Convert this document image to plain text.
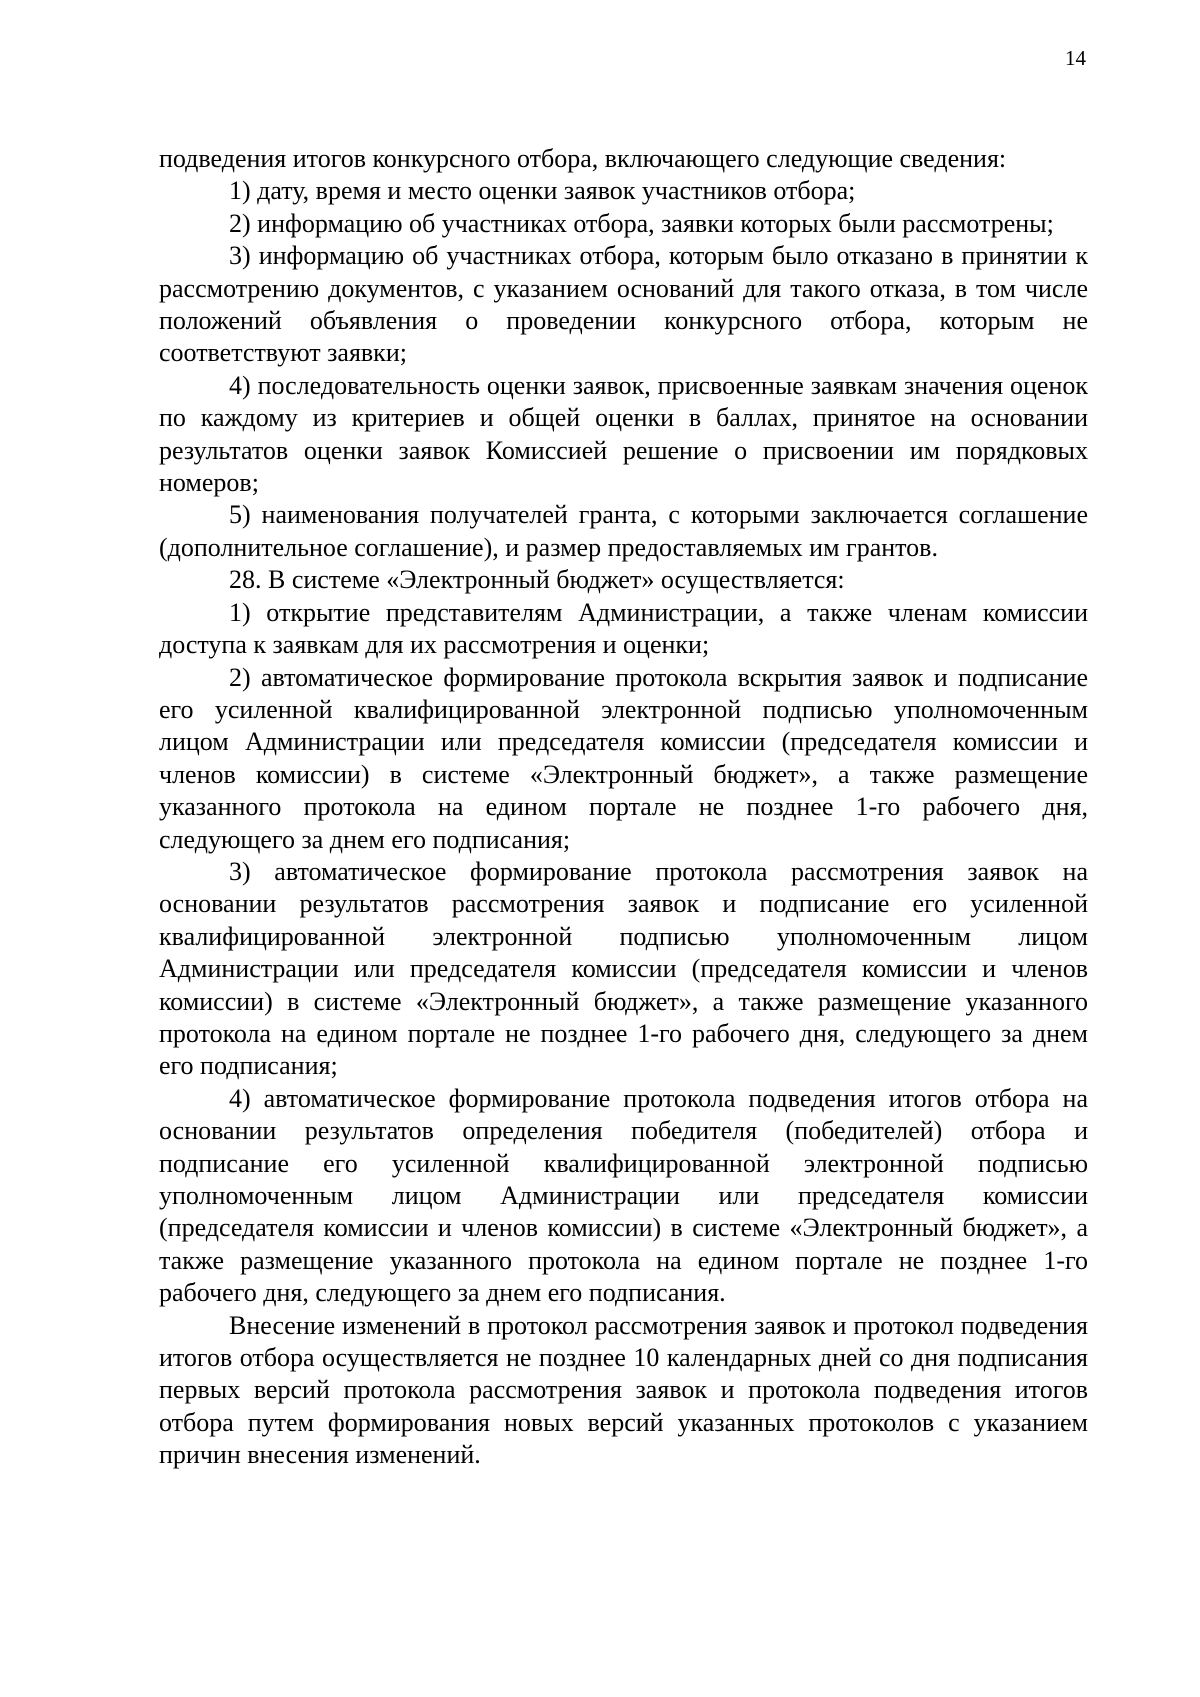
14

подведения итогов конкурсного отбора, включающего следующие сведения:

1) дату, время и место оценки заявок участников отбора;

2) информацию об участниках отбора, заявки которых были рассмотрены;

3) информацию об участниках отбора, которым было отказано в принятии к рассмотрению документов, с указанием оснований для такого отказа, в том числе положений объявления о проведении конкурсного отбора, которым не соответствуют заявки;

4) последовательность оценки заявок, присвоенные заявкам значения оценок по каждому из критериев и общей оценки в баллах, принятое на основании результатов оценки заявок Комиссией решение о присвоении им порядковых номеров;

5) наименования получателей гранта, с которыми заключается соглашение (дополнительное соглашение), и размер предоставляемых им грантов.

28. В системе «Электронный бюджет» осуществляется:

1) открытие представителям Администрации, а также членам комиссии доступа к заявкам для их рассмотрения и оценки;

2) автоматическое формирование протокола вскрытия заявок и подписание его усиленной квалифицированной электронной подписью уполномоченным лицом Администрации или председателя комиссии (председателя комиссии и членов комиссии) в системе «Электронный бюджет», а также размещение указанного протокола на едином портале не позднее 1-го рабочего дня, следующего за днем его подписания;

3) автоматическое формирование протокола рассмотрения заявок на основании результатов рассмотрения заявок и подписание его усиленной квалифицированной электронной подписью уполномоченным лицом Администрации или председателя комиссии (председателя комиссии и членов комиссии) в системе «Электронный бюджет», а также размещение указанного протокола на едином портале не позднее 1-го рабочего дня, следующего за днем его подписания;

4) автоматическое формирование протокола подведения итогов отбора на основании результатов определения победителя (победителей) отбора и подписание его усиленной квалифицированной электронной подписью уполномоченным лицом Администрации или председателя комиссии (председателя комиссии и членов комиссии) в системе «Электронный бюджет», а также размещение указанного протокола на едином портале не позднее 1-го рабочего дня, следующего за днем его подписания.

Внесение изменений в протокол рассмотрения заявок и протокол подведения итогов отбора осуществляется не позднее 10 календарных дней со дня подписания первых версий протокола рассмотрения заявок и протокола подведения итогов отбора путем формирования новых версий указанных протоколов с указанием причин внесения изменений.
